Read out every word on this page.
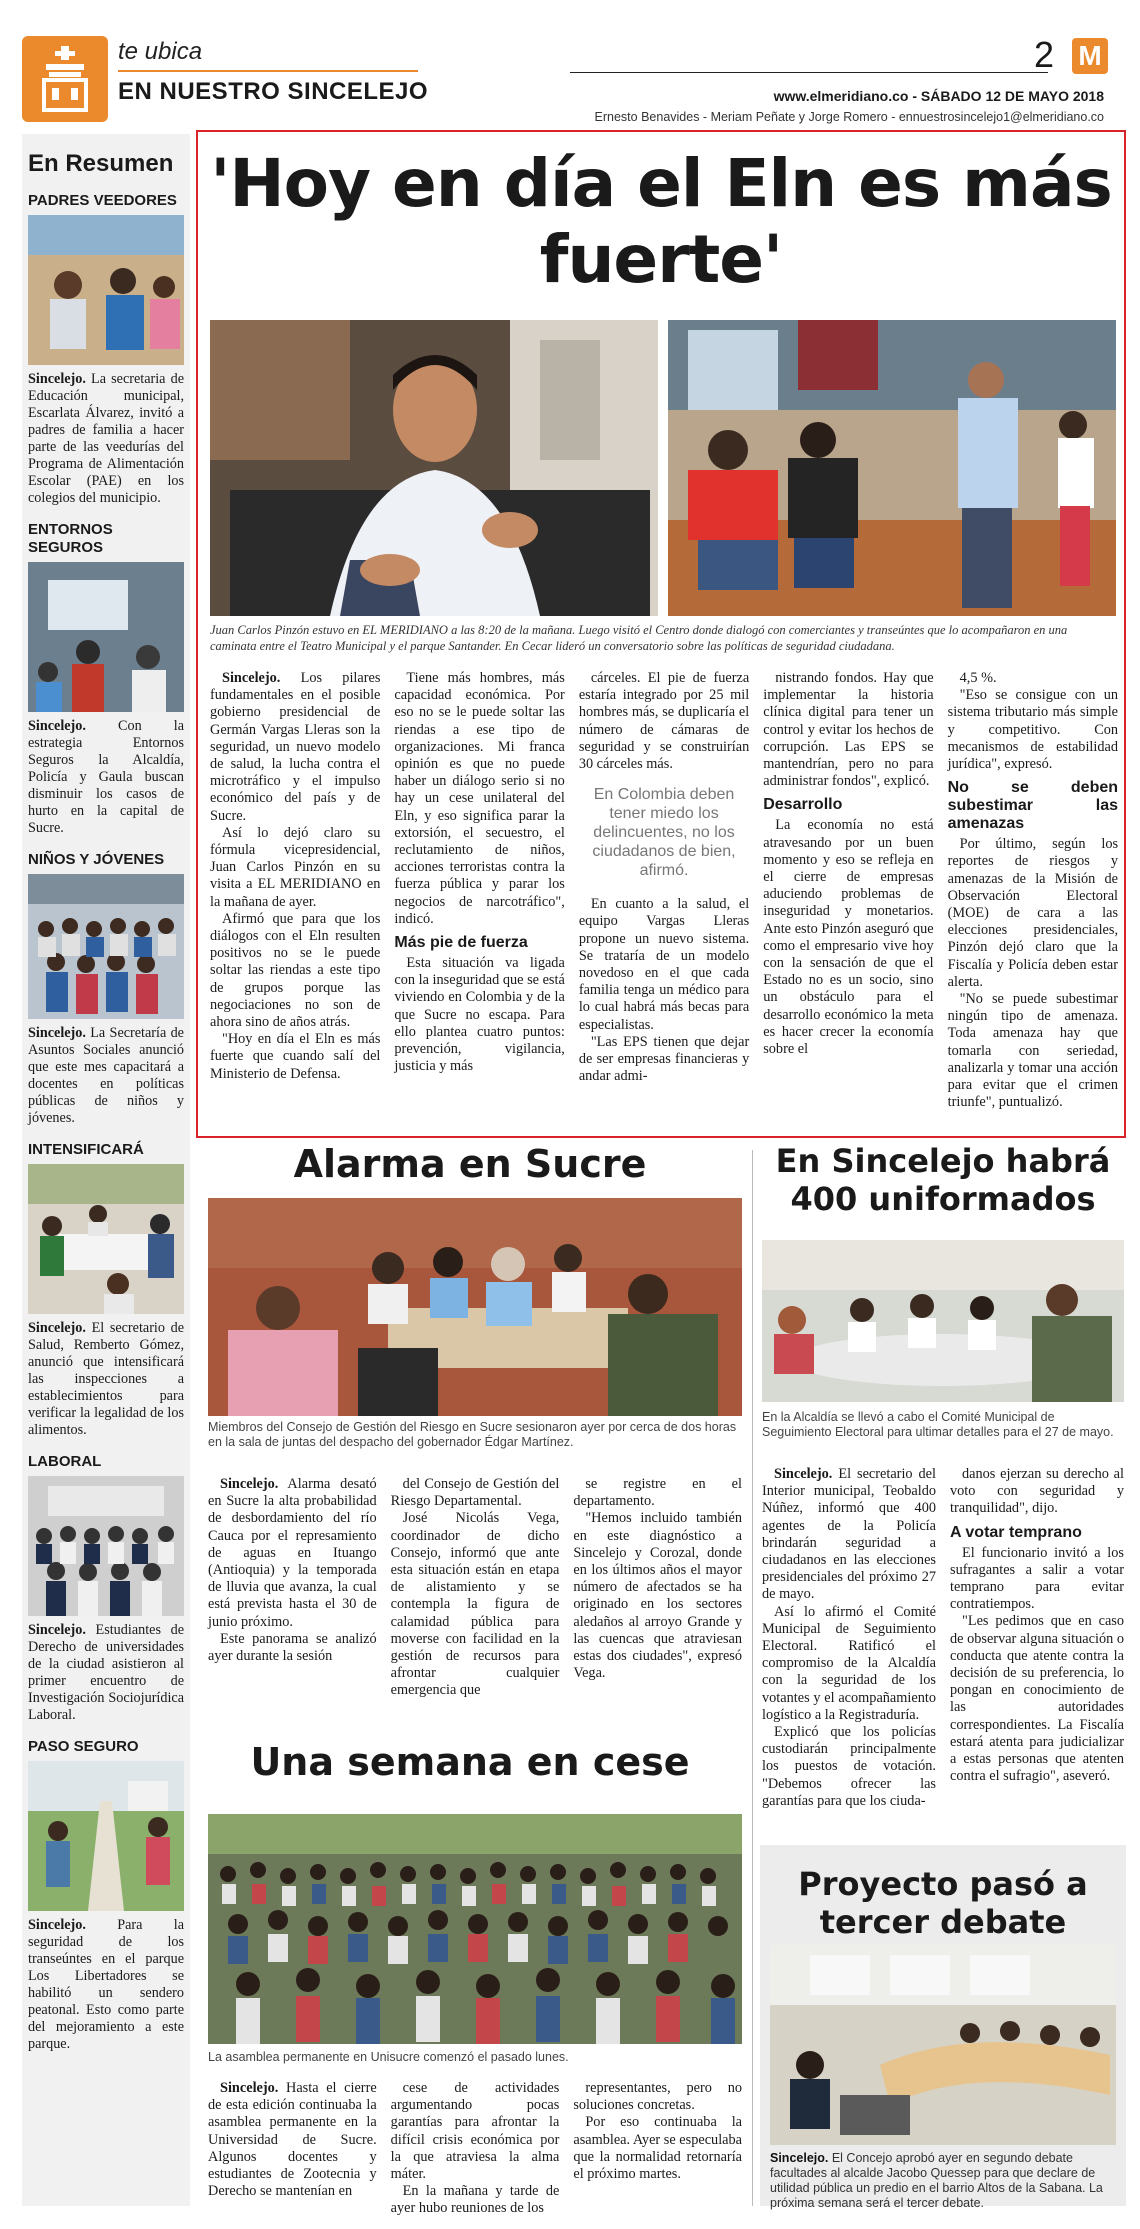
te ubica
EN NUESTRO SINCELEJO
2 M
www.elmeridiano.co - SÁBADO 12 DE MAYO 2018
Ernesto Benavides - Meriam Peñate y Jorge Romero - ennuestrosincelejo1@elmeridiano.co
En Resumen
PADRES VEEDORES
Sincelejo. La secretaria de Educación municipal, Escarlata Álvarez, invitó a padres de familia a hacer parte de las veedurías del Programa de Alimentación Escolar (PAE) en los colegios del municipio.
ENTORNOS SEGUROS
Sincelejo. Con la estrategia Entornos Seguros la Alcaldía, Policía y Gaula buscan disminuir los casos de hurto en la capital de Sucre.
NIÑOS Y JÓVENES
Sincelejo. La Secretaría de Asuntos Sociales anunció que este mes capacitará a docentes en políticas públicas de niños y jóvenes.
INTENSIFICARÁ
Sincelejo. El secretario de Salud, Remberto Gómez, anunció que intensificará las inspecciones a establecimientos para verificar la legalidad de los alimentos.
LABORAL
Sincelejo. Estudiantes de Derecho de universidades de la ciudad asistieron al primer encuentro de Investigación Sociojurídica Laboral.
PASO SEGURO
Sincelejo. Para la seguridad de los transeúntes en el parque Los Libertadores se habilitó un sendero peatonal. Esto como parte del mejoramiento a este parque.
'Hoy en día el Eln es más fuerte'
Juan Carlos Pinzón estuvo en EL MERIDIANO a las 8:20 de la mañana. Luego visitó el Centro donde dialogó con comerciantes y transeúntes que lo acompañaron en una caminata entre el Teatro Municipal y el parque Santander. En Cecar lideró un conversatorio sobre las políticas de seguridad ciudadana.

Sincelejo. Los pilares fundamentales en el posible gobierno presidencial de Germán Vargas Lleras son la seguridad, un nuevo modelo de salud, la lucha contra el microtráfico y el impulso económico del país y de Sucre.

Así lo dejó claro su fórmula vicepresidencial, Juan Carlos Pinzón en su visita a EL MERIDIANO en la mañana de ayer.

Afirmó que para que los diálogos con el Eln resulten positivos no se le puede soltar las riendas a este tipo de grupos porque las negociaciones no son de ahora sino de años atrás.

"Hoy en día el Eln es más fuerte que cuando salí del Ministerio de Defensa.

Tiene más hombres, más capacidad económica. Por eso no se le puede soltar las riendas a ese tipo de organizaciones. Mi franca opinión es que no puede haber un diálogo serio si no hay un cese unilateral del Eln, y eso significa parar la extorsión, el secuestro, el reclutamiento de niños, acciones terroristas contra la fuerza pública y parar los negocios de narcotráfico", indicó.

Más pie de fuerza

Esta situación va ligada con la inseguridad que se está viviendo en Colombia y de la que Sucre no escapa. Para ello plantea cuatro puntos: prevención, vigilancia, justicia y más

cárceles. El pie de fuerza estaría integrado por 25 mil hombres más, se duplicaría el número de cámaras de seguridad y se construirían 30 cárceles más.

En Colombia deben tener miedo los delincuentes, no los ciudadanos de bien, afirmó.

En cuanto a la salud, el equipo Vargas Lleras propone un nuevo sistema. Se trataría de un modelo novedoso en el que cada familia tenga un médico para lo cual habrá más becas para especialistas.

"Las EPS tienen que dejar de ser empresas financieras y andar admi-

nistrando fondos. Hay que implementar la historia clínica digital para tener un control y evitar los hechos de corrupción. Las EPS se mantendrían, pero no para administrar fondos", explicó.

Desarrollo

La economía no está atravesando por un buen momento y eso se refleja en el cierre de empresas aduciendo problemas de inseguridad y monetarios. Ante esto Pinzón aseguró que como el empresario vive hoy con la sensación de que el Estado no es un socio, sino un obstáculo para el desarrollo económico la meta es hacer crecer la economía sobre el

4,5 %.

"Eso se consigue con un sistema tributario más simple y competitivo. Con mecanismos de estabilidad jurídica", expresó.

No se deben subestimar las amenazas

Por último, según los reportes de riesgos y amenazas de la Misión de Observación Electoral (MOE) de cara a las elecciones presidenciales, Pinzón dejó claro que la Fiscalía y Policía deben estar alerta.

"No se puede subestimar ningún tipo de amenaza. Toda amenaza hay que tomarla con seriedad, analizarla y tomar una acción para evitar que el crimen triunfe", puntualizó.

Alarma en Sucre
Miembros del Consejo de Gestión del Riesgo en Sucre sesionaron ayer por cerca de dos horas en la sala de juntas del despacho del gobernador Édgar Martínez.

Sincelejo. Alarma desató en Sucre la alta probabilidad de desbordamiento del río Cauca por el represamiento de aguas en Ituango (Antioquia) y la temporada de lluvia que avanza, la cual está prevista hasta el 30 de junio próximo.

Este panorama se analizó ayer durante la sesión

del Consejo de Gestión del Riesgo Departamental.

José Nicolás Vega, coordinador de dicho Consejo, informó que ante esta situación están en etapa de alistamiento y se contempla la figura de calamidad pública para moverse con facilidad en la gestión de recursos para afrontar cualquier emergencia que

se registre en el departamento.

"Hemos incluido también en este diagnóstico a Sincelejo y Corozal, donde en los últimos años el mayor número de afectados se ha originado en los sectores aledaños al arroyo Grande y las cuencas que atraviesan estas dos ciudades", expresó Vega.

En Sincelejo habrá 400 uniformados
En la Alcaldía se llevó a cabo el Comité Municipal de Seguimiento Electoral para ultimar detalles para el 27 de mayo.

Sincelejo. El secretario del Interior municipal, Teobaldo Núñez, informó que 400 agentes de la Policía brindarán seguridad a ciudadanos en las elecciones presidenciales del próximo 27 de mayo.

Así lo afirmó el Comité Municipal de Seguimiento Electoral. Ratificó el compromiso de la Alcaldía con la seguridad de los votantes y el acompañamiento logístico a la Registraduría.

Explicó que los policías custodiarán principalmente los puestos de votación. "Debemos ofrecer las garantías para que los ciuda-

danos ejerzan su derecho al voto con seguridad y tranquilidad", dijo.

A votar temprano

El funcionario invitó a los sufragantes a salir a votar temprano para evitar contratiempos.

"Les pedimos que en caso de observar alguna situación o conducta que atente contra la decisión de su preferencia, lo pongan en conocimiento de las autoridades correspondientes. La Fiscalía estará atenta para judicializar a estas personas que atenten contra el sufragio", aseveró.

Una semana en cese
La asamblea permanente en Unisucre comenzó el pasado lunes.

Sincelejo. Hasta el cierre de esta edición continuaba la asamblea permanente en la Universidad de Sucre. Algunos docentes y estudiantes de Zootecnia y Derecho se mantenían en

cese de actividades argumentando pocas garantías para afrontar la difícil crisis económica por la que atraviesa la alma máter.

En la mañana y tarde de ayer hubo reuniones de los

representantes, pero no soluciones concretas.

Por eso continuaba la asamblea. Ayer se especulaba que la normalidad retornaría el próximo martes.

Proyecto pasó a tercer debate
Sincelejo. El Concejo aprobó ayer en segundo debate facultades al alcalde Jacobo Quessep para que declare de utilidad pública un predio en el barrio Altos de la Sabana. La próxima semana será el tercer debate.
